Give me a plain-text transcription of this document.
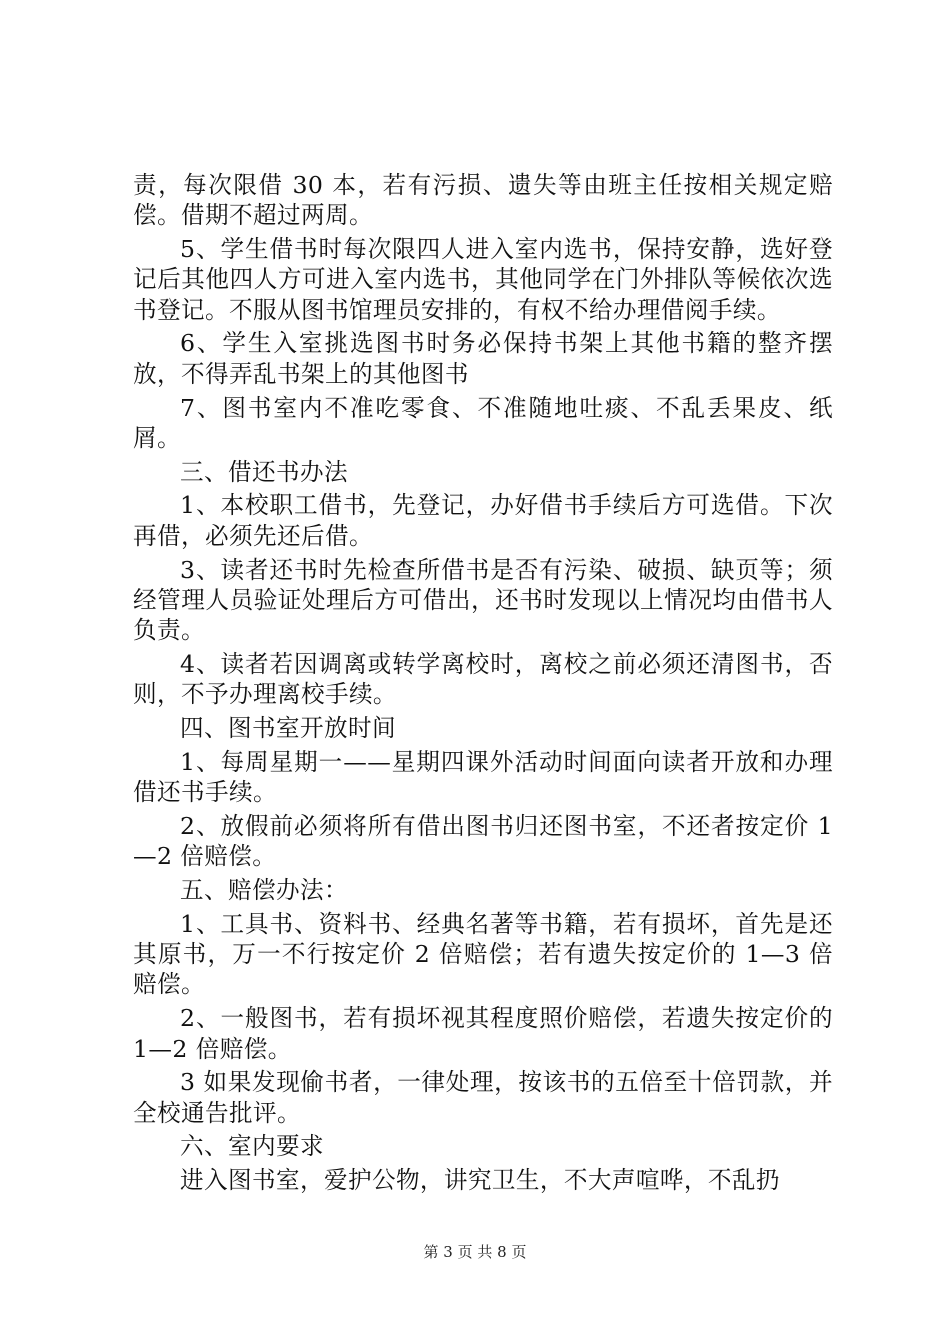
责，每次限借 30 本，若有污损、遗失等由班主任按相关规定赔偿。借期不超过两周。

5、学生借书时每次限四人进入室内选书，保持安静，选好登记后其他四人方可进入室内选书，其他同学在门外排队等候依次选书登记。不服从图书馆理员安排的，有权不给办理借阅手续。

6、学生入室挑选图书时务必保持书架上其他书籍的整齐摆放，不得弄乱书架上的其他图书

7、图书室内不准吃零食、不准随地吐痰、不乱丢果皮、纸屑。

三、借还书办法

1、本校职工借书，先登记，办好借书手续后方可选借。下次再借，必须先还后借。

3、读者还书时先检查所借书是否有污染、破损、缺页等；须经管理人员验证处理后方可借出，还书时发现以上情况均由借书人负责。

4、读者若因调离或转学离校时，离校之前必须还清图书，否则，不予办理离校手续。

四、图书室开放时间

1、每周星期一——星期四课外活动时间面向读者开放和办理借还书手续。

2、放假前必须将所有借出图书归还图书室，不还者按定价 1—2 倍赔偿。

五、赔偿办法：

1、工具书、资料书、经典名著等书籍，若有损坏，首先是还其原书，万一不行按定价 2 倍赔偿；若有遗失按定价的 1—3 倍赔偿。

2、一般图书，若有损坏视其程度照价赔偿，若遗失按定价的 1—2 倍赔偿。

3 如果发现偷书者，一律处理，按该书的五倍至十倍罚款，并全校通告批评。

六、室内要求

进入图书室，爱护公物，讲究卫生，不大声喧哗，不乱扔

第 3 页 共 8 页
